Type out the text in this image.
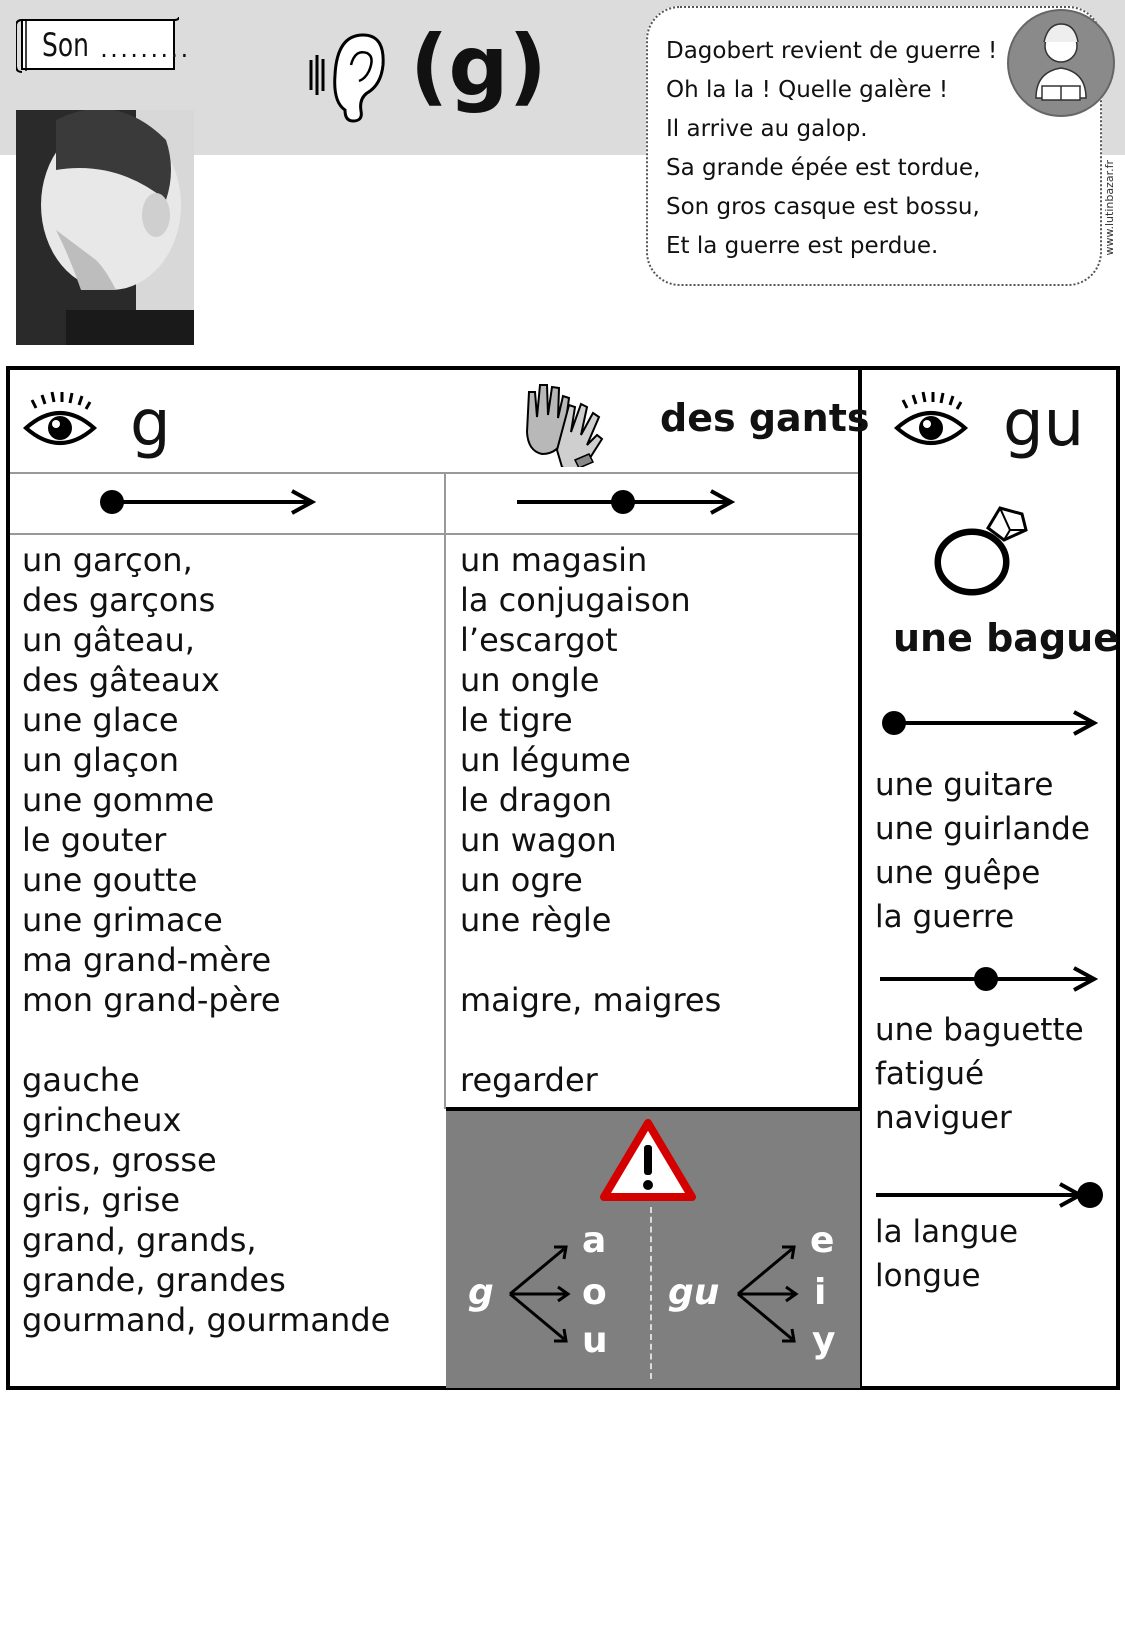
Son .........	(g)	Dagobert revient de guerre !
Oh la la ! Quelle galère !
Il arrive au galop.
Sa grande épée est tordue,
Son gros casque est bossu,
Et la guerre est perdue.	www.lutinbazar.fr
g	des gants gu
un garçon,
des garçons
un gâteau,
des gâteaux
une glace
un glaçon
une gomme
le gouter
une goutte
une grimace
ma grand-mère
mon grand-père
gauche
grincheux
gros, grosse
gris, grise
grand, grands,
grande, grandes
gourmand, gourmande
un magasin
la conjugaison
l’escargot
un ongle
le tigre
un légume
le dragon
un wagon
un ogre
une règle
maigre, maigres
regarder
g
a
o
u
gu
e
i
y
une bague
une guitare
une guirlande
une guêpe
la guerre
une baguette
fatigué
naviguer
la langue
longue
